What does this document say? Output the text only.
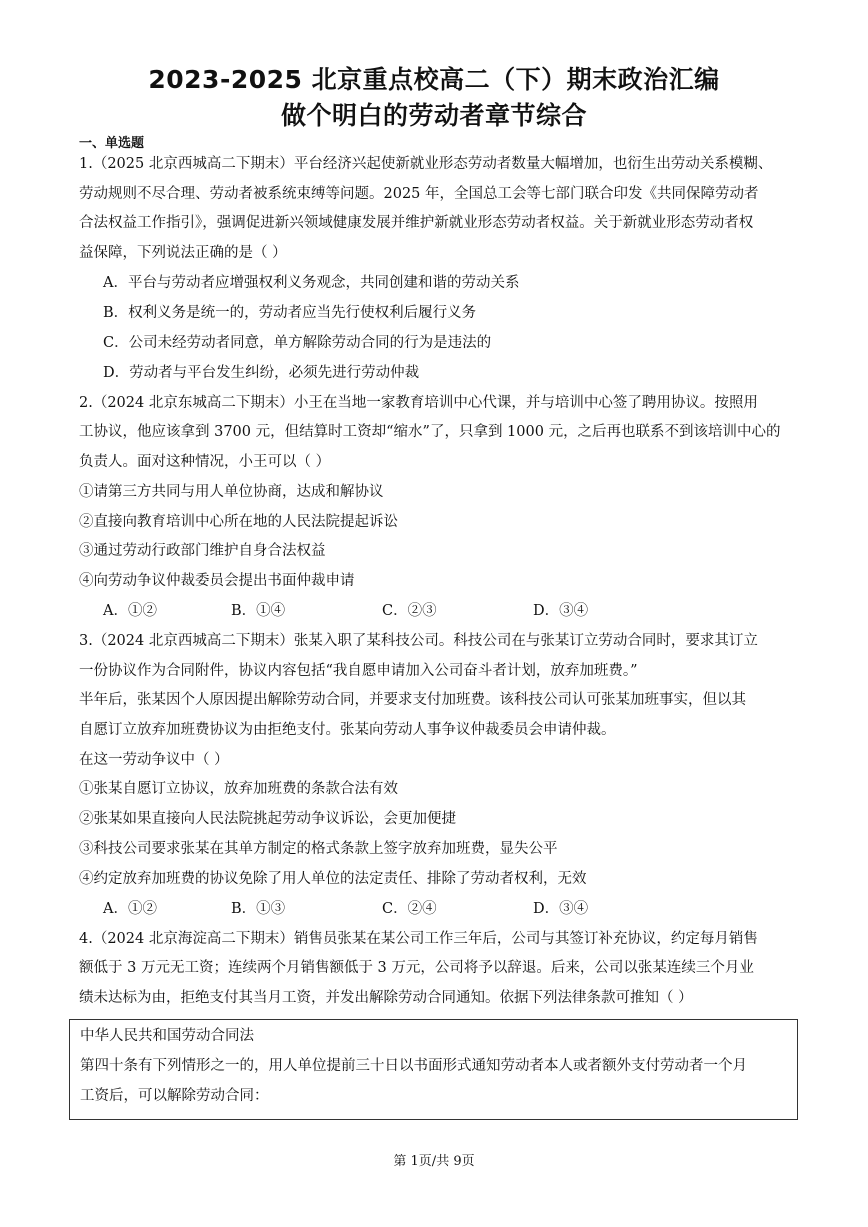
2023-2025 北京重点校高二（下）期末政治汇编
做个明白的劳动者章节综合
一、单选题
1.（2025 北京西城高二下期末）平台经济兴起使新就业形态劳动者数量大幅增加，也衍生出劳动关系模糊、
劳动规则不尽合理、劳动者被系统束缚等问题。2025 年，全国总工会等七部门联合印发《共同保障劳动者
合法权益工作指引》，强调促进新兴领域健康发展并维护新就业形态劳动者权益。关于新就业形态劳动者权
益保障，下列说法正确的是（ ）
A．平台与劳动者应增强权利义务观念，共同创建和谐的劳动关系
B．权利义务是统一的，劳动者应当先行使权利后履行义务
C．公司未经劳动者同意，单方解除劳动合同的行为是违法的
D．劳动者与平台发生纠纷，必须先进行劳动仲裁
2.（2024 北京东城高二下期末）小王在当地一家教育培训中心代课，并与培训中心签了聘用协议。按照用
工协议，他应该拿到 3700 元，但结算时工资却“缩水”了，只拿到 1000 元，之后再也联系不到该培训中心的
负责人。面对这种情况，小王可以（ ）
①请第三方共同与用人单位协商，达成和解协议
②直接向教育培训中心所在地的人民法院提起诉讼
③通过劳动行政部门维护自身合法权益
④向劳动争议仲裁委员会提出书面仲裁申请
A．①②	B．①④	C．②③	D．③④
3.（2024 北京西城高二下期末）张某入职了某科技公司。科技公司在与张某订立劳动合同时，要求其订立
一份协议作为合同附件，协议内容包括“我自愿申请加入公司奋斗者计划，放弃加班费。”
半年后，张某因个人原因提出解除劳动合同，并要求支付加班费。该科技公司认可张某加班事实，但以其
自愿订立放弃加班费协议为由拒绝支付。张某向劳动人事争议仲裁委员会申请仲裁。
在这一劳动争议中（ ）
①张某自愿订立协议，放弃加班费的条款合法有效
②张某如果直接向人民法院挑起劳动争议诉讼，会更加便捷
③科技公司要求张某在其单方制定的格式条款上签字放弃加班费，显失公平
④约定放弃加班费的协议免除了用人单位的法定责任、排除了劳动者权利，无效
A．①②	B．①③	C．②④	D．③④
4.（2024 北京海淀高二下期末）销售员张某在某公司工作三年后，公司与其签订补充协议，约定每月销售
额低于 3 万元无工资；连续两个月销售额低于 3 万元，公司将予以辞退。后来，公司以张某连续三个月业
绩未达标为由，拒绝支付其当月工资，并发出解除劳动合同通知。依据下列法律条款可推知（ ）
中华人民共和国劳动合同法
第四十条有下列情形之一的，用人单位提前三十日以书面形式通知劳动者本人或者额外支付劳动者一个月
工资后，可以解除劳动合同：
第 1页/共 9页
